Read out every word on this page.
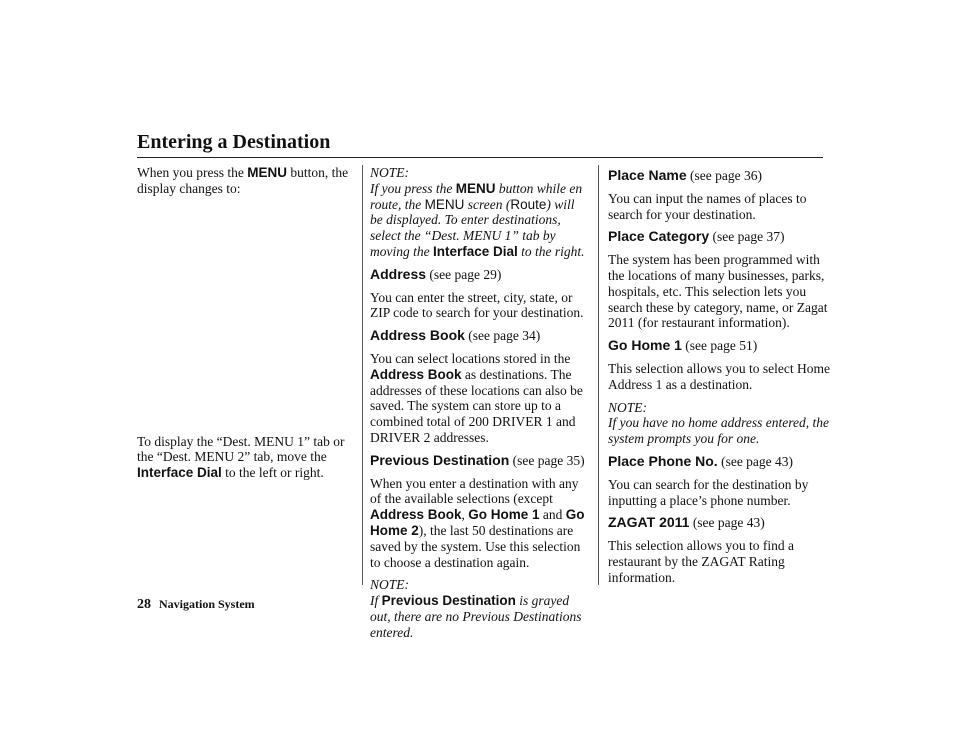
Entering a Destination

When you press the MENU button, the display changes to:

To display the “Dest. MENU 1” tab or the “Dest. MENU 2” tab, move the Interface Dial to the left or right.

NOTE:
If you press the MENU button while en route, the MENU screen (Route) will be displayed. To enter destinations, select the “Dest. MENU 1” tab by moving the Interface Dial to the right.

Address (see page 29)

You can enter the street, city, state, or ZIP code to search for your destination.

Address Book (see page 34)

You can select locations stored in the Address Book as destinations. The addresses of these locations can also be saved. The system can store up to a combined total of 200 DRIVER 1 and DRIVER 2 addresses.

Previous Destination (see page 35)

When you enter a destination with any of the available selections (except Address Book, Go Home 1 and Go Home 2), the last 50 destinations are saved by the system. Use this selection to choose a destination again.

NOTE:
If Previous Destination is grayed out, there are no Previous Destinations entered.

Place Name (see page 36)

You can input the names of places to search for your destination.

Place Category (see page 37)

The system has been programmed with the locations of many businesses, parks, hospitals, etc. This selection lets you search these by category, name, or Zagat 2011 (for restaurant information).

Go Home 1 (see page 51)

This selection allows you to select Home Address 1 as a destination.

NOTE:
If you have no home address entered, the system prompts you for one.

Place Phone No. (see page 43)

You can search for the destination by inputting a place’s phone number.

ZAGAT 2011 (see page 43)

This selection allows you to find a restaurant by the ZAGAT Rating information.

28 Navigation System
